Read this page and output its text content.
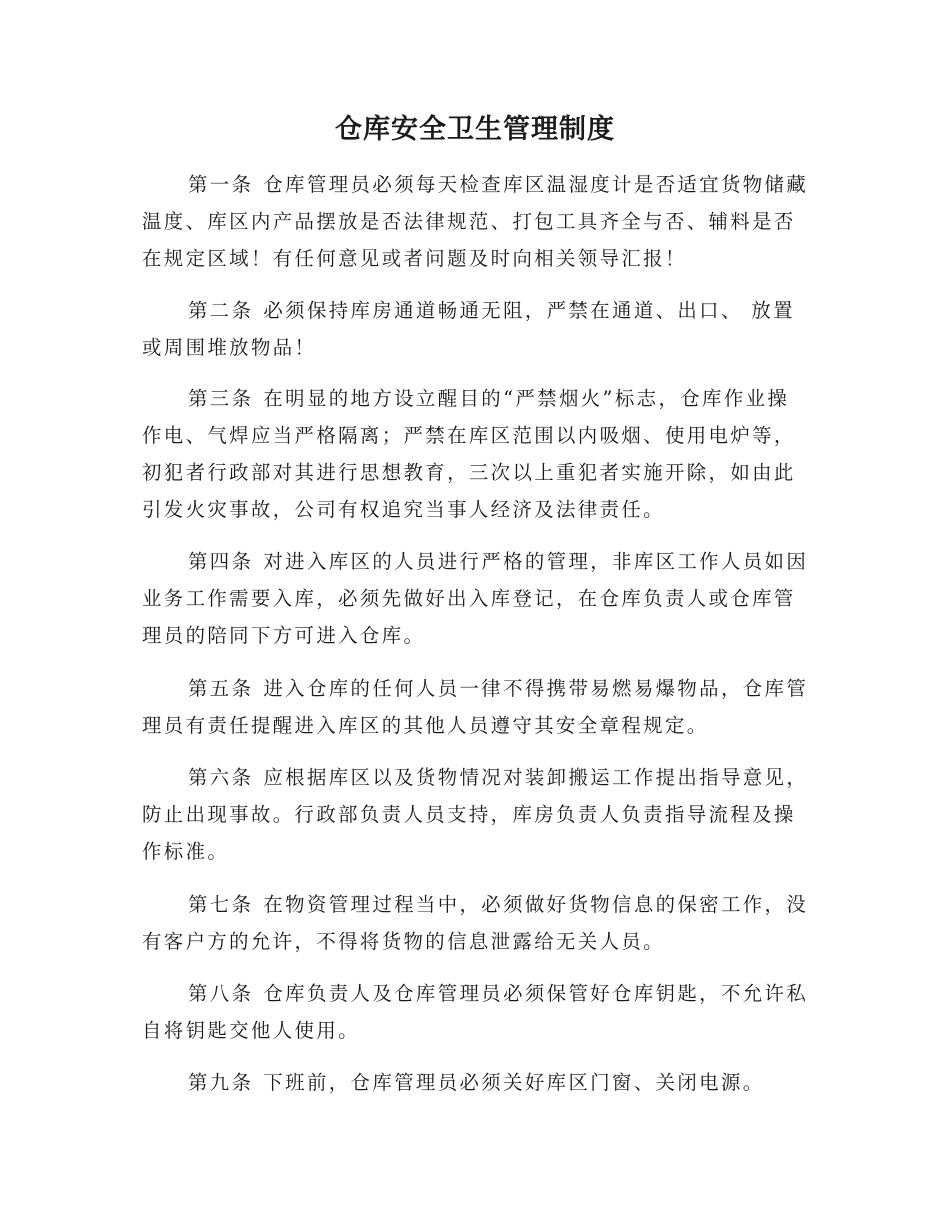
仓库安全卫生管理制度

第一条 仓库管理员必须每天检查库区温湿度计是否适宜货物储藏温度、库区内产品摆放是否法律规范、打包工具齐全与否、辅料是否在规定区域！有任何意见或者问题及时向相关领导汇报！

第二条 必须保持库房通道畅通无阻，严禁在通道、出口、 放置或周围堆放物品！

第三条 在明显的地方设立醒目的“严禁烟火”标志，仓库作业操作电、气焊应当严格隔离；严禁在库区范围以内吸烟、使用电炉等，初犯者行政部对其进行思想教育，三次以上重犯者实施开除，如由此引发火灾事故，公司有权追究当事人经济及法律责任。

第四条 对进入库区的人员进行严格的管理，非库区工作人员如因业务工作需要入库，必须先做好出入库登记，在仓库负责人或仓库管理员的陪同下方可进入仓库。

第五条 进入仓库的任何人员一律不得携带易燃易爆物品，仓库管理员有责任提醒进入库区的其他人员遵守其安全章程规定。

第六条 应根据库区以及货物情况对装卸搬运工作提出指导意见，防止出现事故。行政部负责人员支持，库房负责人负责指导流程及操作标准。

第七条 在物资管理过程当中，必须做好货物信息的保密工作，没有客户方的允许，不得将货物的信息泄露给无关人员。

第八条 仓库负责人及仓库管理员必须保管好仓库钥匙，不允许私自将钥匙交他人使用。

第九条 下班前，仓库管理员必须关好库区门窗、关闭电源。
